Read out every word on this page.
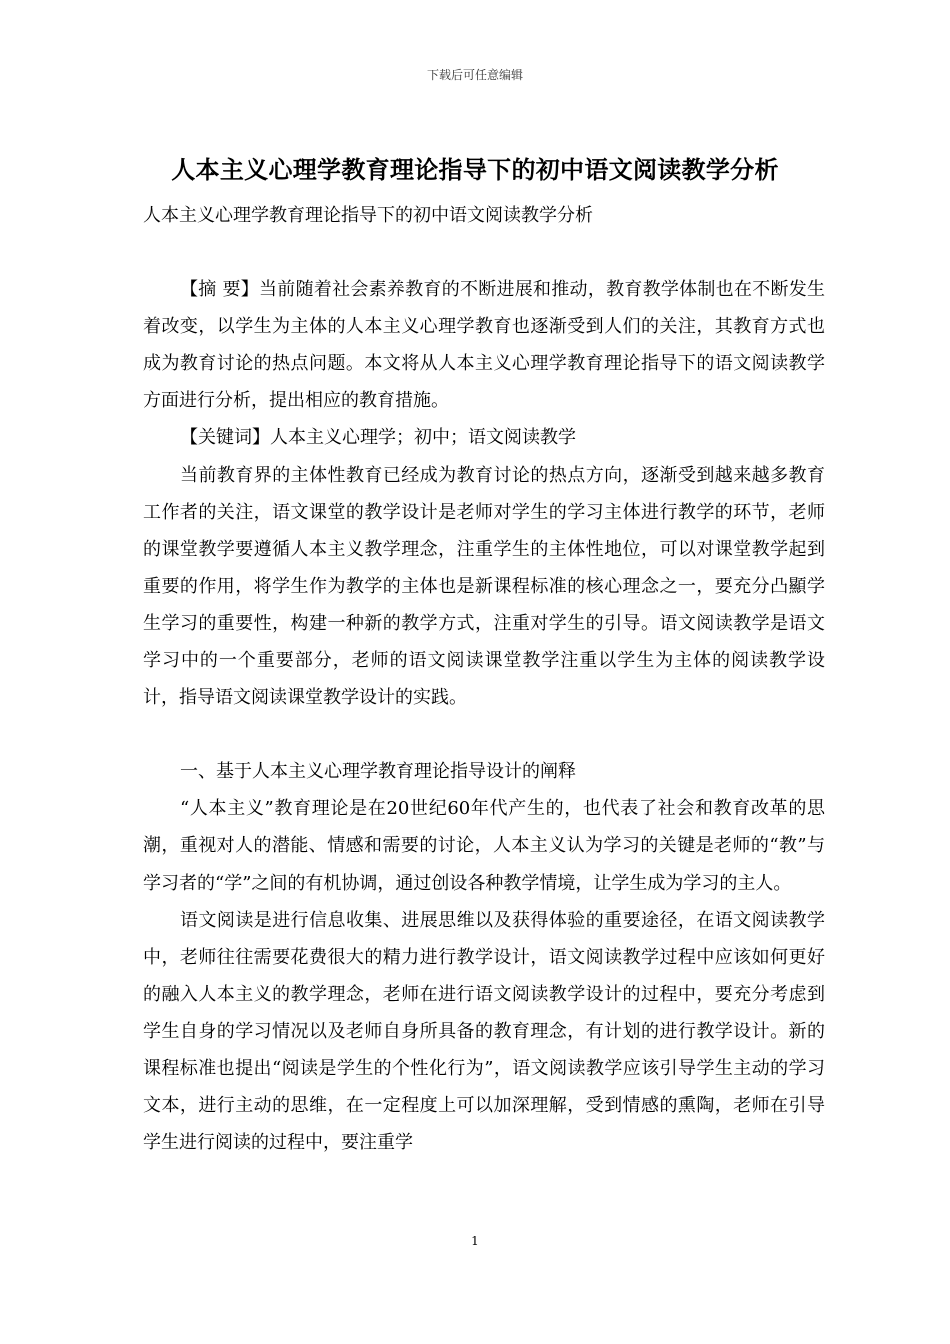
下载后可任意编辑
人本主义心理学教育理论指导下的初中语文阅读教学分析

人本主义心理学教育理论指导下的初中语文阅读教学分析

【摘 要】当前随着社会素养教育的不断进展和推动，教育教学体制也在不断发生着改变，以学生为主体的人本主义心理学教育也逐渐受到人们的关注，其教育方式也成为教育讨论的热点问题。本文将从人本主义心理学教育理论指导下的语文阅读教学方面进行分析，提出相应的教育措施。

【关键词】人本主义心理学；初中；语文阅读教学

当前教育界的主体性教育已经成为教育讨论的热点方向，逐渐受到越来越多教育工作者的关注，语文课堂的教学设计是老师对学生的学习主体进行教学的环节，老师的课堂教学要遵循人本主义教学理念，注重学生的主体性地位，可以对课堂教学起到重要的作用，将学生作为教学的主体也是新课程标准的核心理念之一，要充分凸顯学生学习的重要性，构建一种新的教学方式，注重对学生的引导。语文阅读教学是语文学习中的一个重要部分，老师的语文阅读课堂教学注重以学生为主体的阅读教学设计，指导语文阅读课堂教学设计的实践。

一、基于人本主义心理学教育理论指导设计的阐释

“人本主义”教育理论是在20世纪60年代产生的，也代表了社会和教育改革的思潮，重视对人的潜能、情感和需要的讨论，人本主义认为学习的关键是老师的“教”与学习者的“学”之间的有机协调，通过创设各种教学情境，让学生成为学习的主人。

语文阅读是进行信息收集、进展思维以及获得体验的重要途径，在语文阅读教学中，老师往往需要花费很大的精力进行教学设计，语文阅读教学过程中应该如何更好的融入人本主义的教学理念，老师在进行语文阅读教学设计的过程中，要充分考虑到学生自身的学习情况以及老师自身所具备的教育理念，有计划的进行教学设计。新的课程标准也提出“阅读是学生的个性化行为”，语文阅读教学应该引导学生主动的学习文本，进行主动的思维，在一定程度上可以加深理解，受到情感的熏陶，老师在引导学生进行阅读的过程中，要注重学

1
